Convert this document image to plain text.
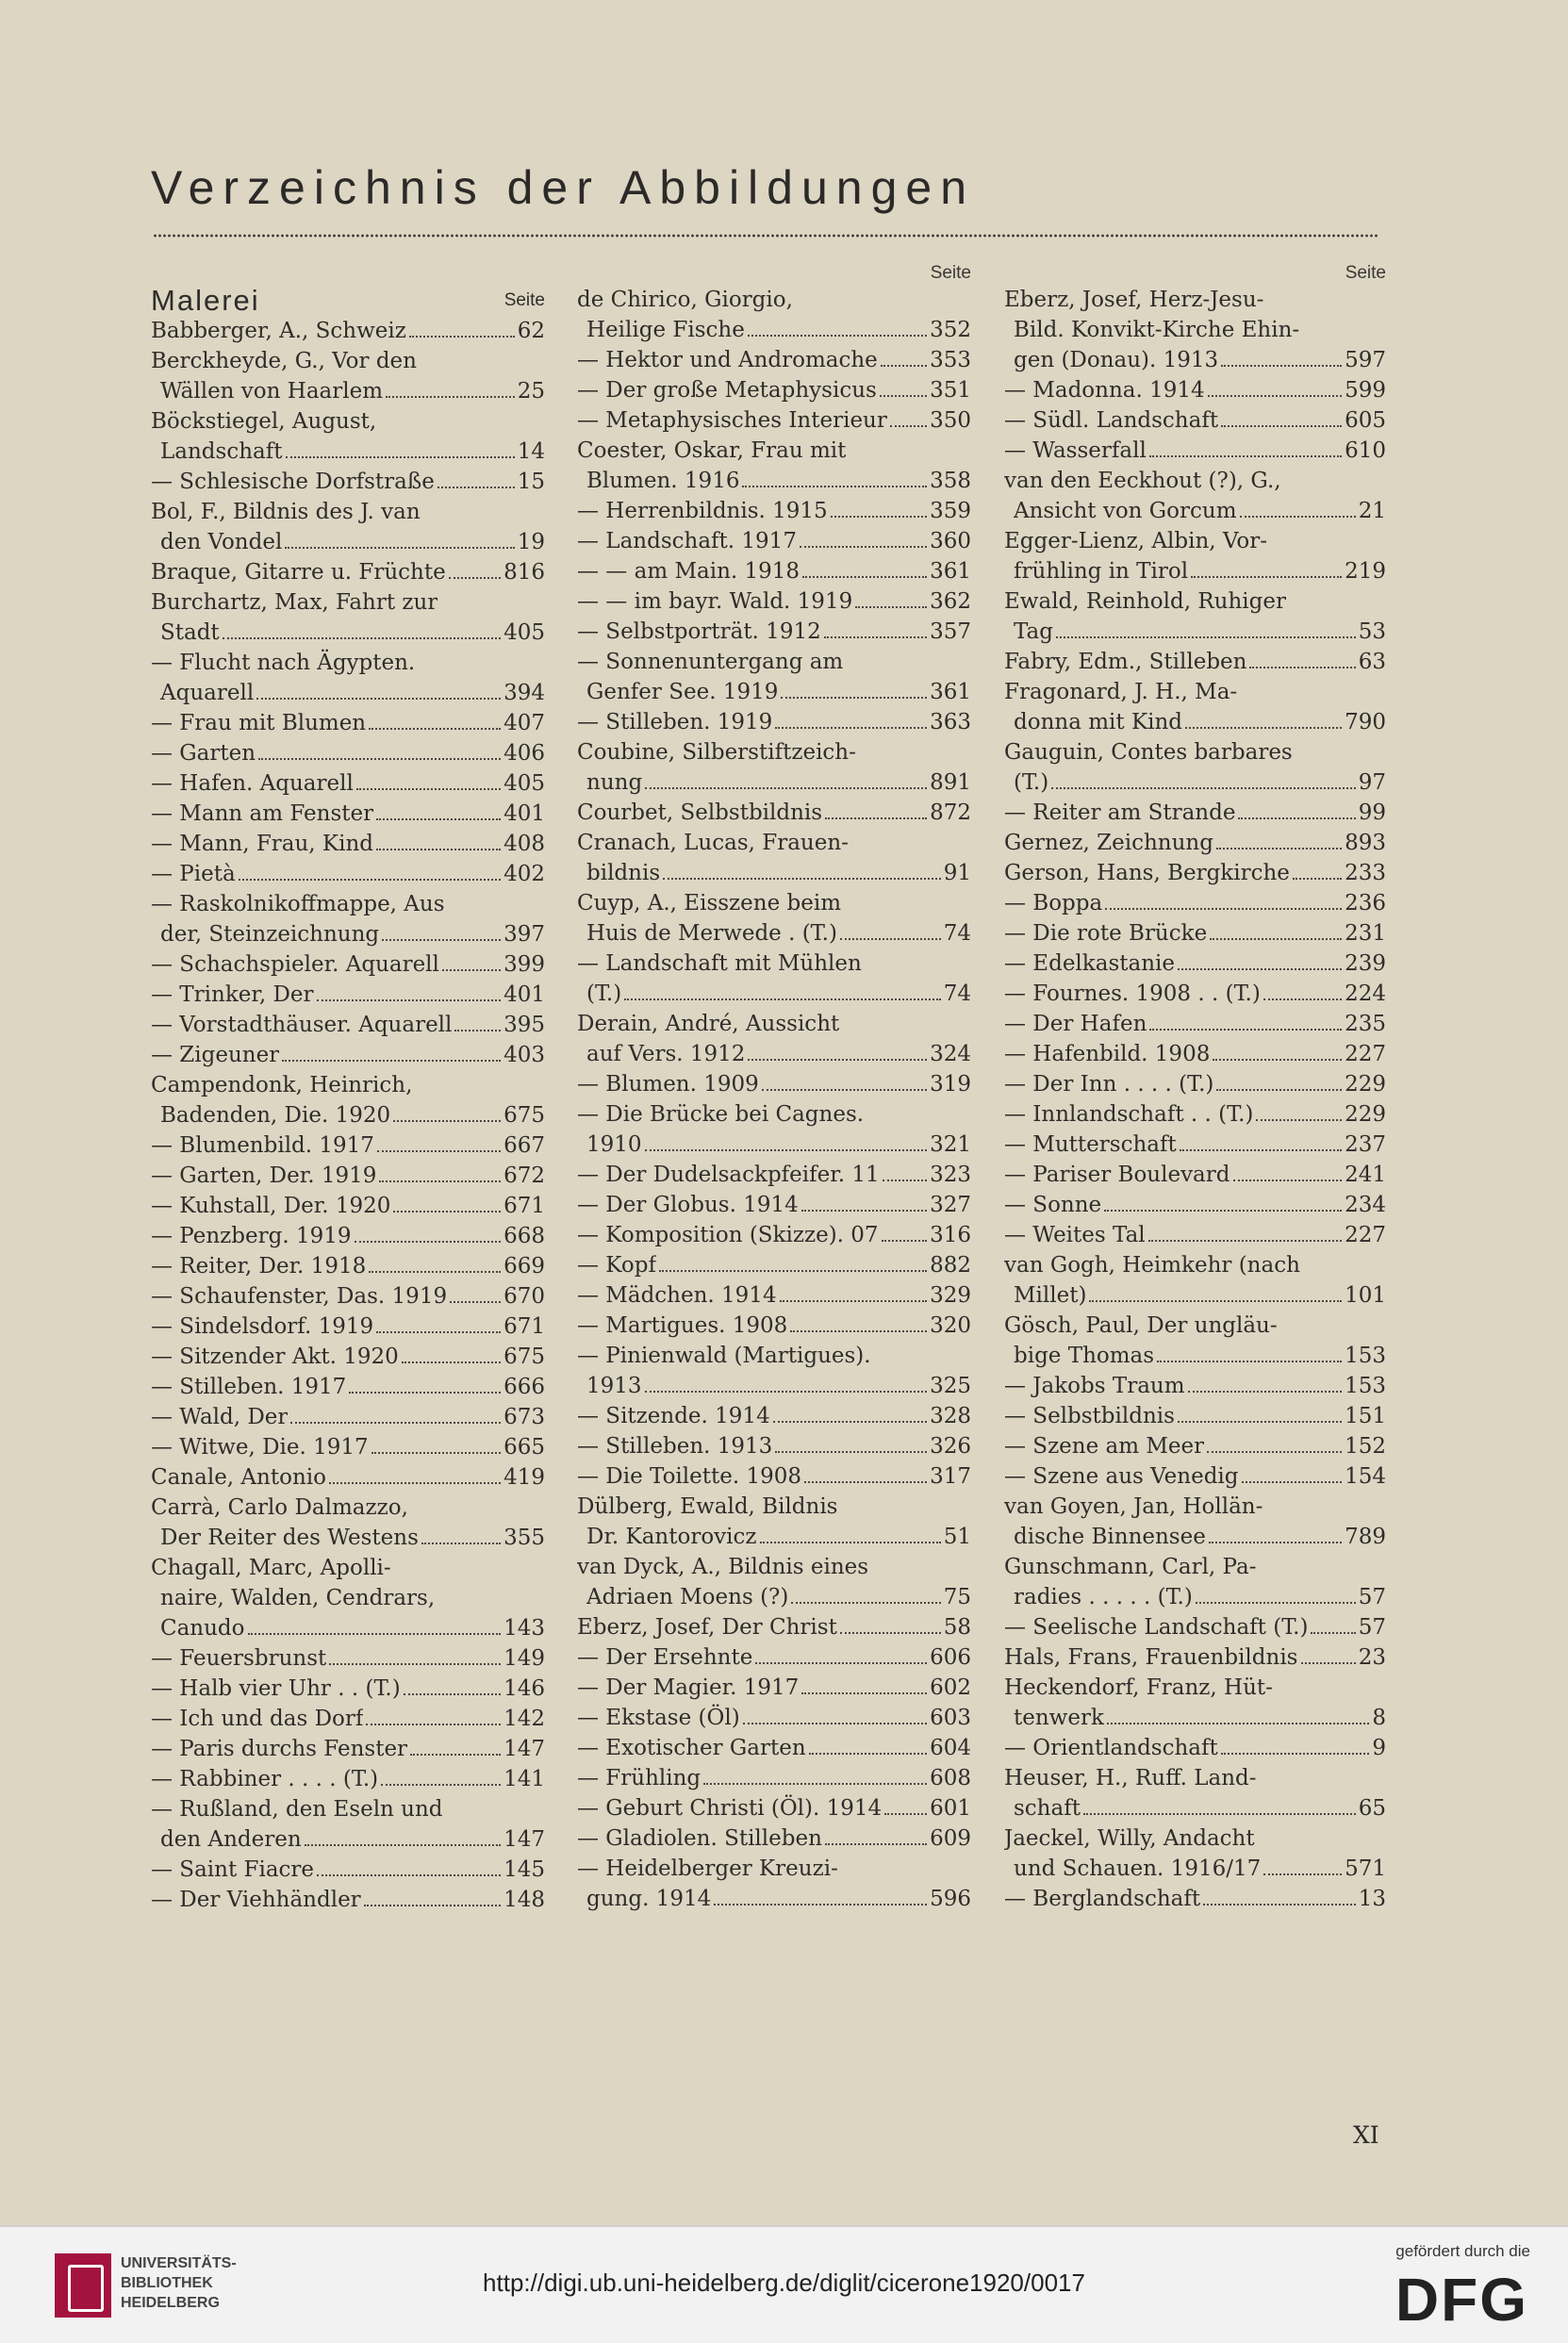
Verzeichnis der Abbildungen
Malerei	Seite
Babberger, A., Schweiz	62
Berckheyde, G., Vor den
Wällen von Haarlem	25
Böckstiegel, August,
Landschaft	14
— Schlesische Dorfstraße	15
Bol, F., Bildnis des J. van
den Vondel	19
Braque, Gitarre u. Früchte	816
Burchartz, Max, Fahrt zur
Stadt	405
— Flucht nach Ägypten.
Aquarell	394
— Frau mit Blumen	407
— Garten	406
— Hafen. Aquarell	405
— Mann am Fenster	401
— Mann, Frau, Kind	408
— Pietà	402
— Raskolnikoffmappe, Aus
der, Steinzeichnung	397
— Schachspieler. Aquarell	399
— Trinker, Der	401
— Vorstadthäuser. Aquarell 395
— Zigeuner	403
Campendonk, Heinrich,
Badenden, Die. 1920	675
— Blumenbild. 1917	667
— Garten, Der. 1919	672
— Kuhstall, Der. 1920	671
— Penzberg. 1919	668
— Reiter, Der. 1918	669
— Schaufenster, Das. 1919	670
— Sindelsdorf. 1919	671
— Sitzender Akt. 1920	675
— Stilleben. 1917	666
— Wald, Der	673
— Witwe, Die. 1917	665
Canale, Antonio	419
Carrà, Carlo Dalmazzo,
Der Reiter des Westens	355
Chagall, Marc, Apolli-
naire, Walden, Cendrars,
Canudo	143
— Feuersbrunst	149
— Halb vier Uhr . . (T.)	146
— Ich und das Dorf	142
— Paris durchs Fenster	147
— Rabbiner . . . . (T.)	141
— Rußland, den Eseln und
den Anderen	147
— Saint Fiacre	145
— Der Viehhändler	148
Seite
de Chirico, Giorgio,
Heilige Fische	352
— Hektor und Andromache 353
— Der große Metaphysicus 351
— Metaphysisches Interieur 350
Coester, Oskar, Frau mit
Blumen. 1916	358
— Herrenbildnis. 1915	359
— Landschaft. 1917	360
— — am Main. 1918	361
— — im bayr. Wald. 1919	362
— Selbstporträt. 1912	357
— Sonnenuntergang am
Genfer See. 1919	361
— Stilleben. 1919	363
Coubine, Silberstiftzeich-
nung	891
Courbet, Selbstbildnis	872
Cranach, Lucas, Frauen-
bildnis	91
Cuyp, A., Eisszene beim
Huis de Merwede . (T.)	74
— Landschaft mit Mühlen
(T.)	74
Derain, André, Aussicht
auf Vers. 1912	324
— Blumen. 1909	319
— Die Brücke bei Cagnes.
1910	321
— Der Dudelsackpfeifer. 11 323
— Der Globus. 1914	327
— Komposition (Skizze). 07 316
— Kopf	882
— Mädchen. 1914	329
— Martigues. 1908	320
— Pinienwald (Martigues).
1913	325
— Sitzende. 1914	328
— Stilleben. 1913	326
— Die Toilette. 1908	317
Dülberg, Ewald, Bildnis
Dr. Kantorovicz	51
van Dyck, A., Bildnis eines
Adriaen Moens (?)	75
Eberz, Josef, Der Christ	58
— Der Ersehnte	606
— Der Magier. 1917	602
— Ekstase (Öl)	603
— Exotischer Garten	604
— Frühling	608
— Geburt Christi (Öl). 1914 601
— Gladiolen. Stilleben	609
— Heidelberger Kreuzi-
gung. 1914	596
Seite
Eberz, Josef, Herz-Jesu-
Bild. Konvikt-Kirche Ehin-
gen (Donau). 1913	597
— Madonna. 1914	599
— Südl. Landschaft	605
— Wasserfall	610
van den Eeckhout (?), G.,
Ansicht von Gorcum	21
Egger-Lienz, Albin, Vor-
frühling in Tirol	219
Ewald, Reinhold, Ruhiger
Tag	53
Fabry, Edm., Stilleben	63
Fragonard, J. H., Ma-
donna mit Kind	790
Gauguin, Contes barbares
(T.)	97
— Reiter am Strande	99
Gernez, Zeichnung	893
Gerson, Hans, Bergkirche	233
— Boppa	236
— Die rote Brücke	231
— Edelkastanie	239
— Fournes. 1908 . . (T.)	224
— Der Hafen	235
— Hafenbild. 1908	227
— Der Inn . . . . (T.)	229
— Innlandschaft . . (T.)	229
— Mutterschaft	237
— Pariser Boulevard	241
— Sonne	234
— Weites Tal	227
van Gogh, Heimkehr (nach
Millet)	101
Gösch, Paul, Der ungläu-
bige Thomas	153
— Jakobs Traum	153
— Selbstbildnis	151
— Szene am Meer	152
— Szene aus Venedig	154
van Goyen, Jan, Hollän-
dische Binnensee	789
Gunschmann, Carl, Pa-
radies . . . . . (T.)	57
— Seelische Landschaft (T.) 57
Hals, Frans, Frauenbildnis	23
Heckendorf, Franz, Hüt-
tenwerk	8
— Orientlandschaft	9
Heuser, H., Ruff. Land-
schaft	65
Jaeckel, Willy, Andacht
und Schauen. 1916/17	571
— Berglandschaft	13
XI
UNIVERSITÄTS-
BIBLIOTHEK
HEIDELBERG
http://digi.ub.uni-heidelberg.de/diglit/cicerone1920/0017
gefördert durch die
DFG
